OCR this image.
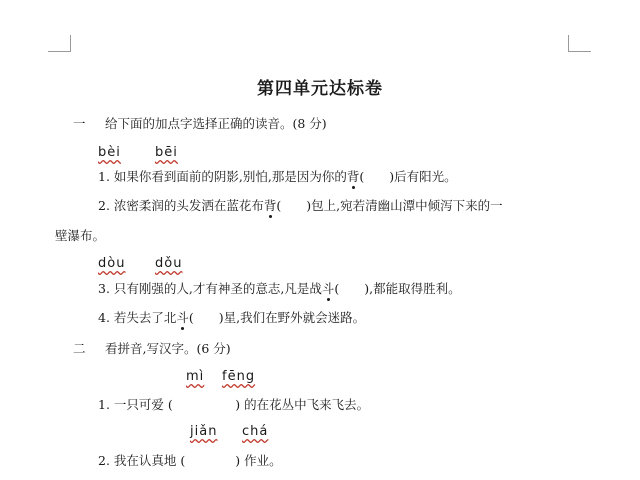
第四单元达标卷
一 给下面的加点字选择正确的读音。(8 分)
bèi	bēi
1. 如果你看到面前的阴影,别怕,那是因为你的背(　　)后有阳光。
2. 浓密柔润的头发洒在蓝花布背(　　)包上,宛若清幽山潭中倾泻下来的一
壁瀑布。
dòu dǒu
3. 只有刚强的人,才有神圣的意志,凡是战斗(　　),都能取得胜利。
4. 若失去了北斗(　　)星,我们在野外就会迷路。
二 看拼音,写汉字。(6 分)
mì fēng
1. 一只可爱 (　　　　　) 的在花丛中飞来飞去。
jiǎn chá
2. 我在认真地 (　　　　) 作业。
